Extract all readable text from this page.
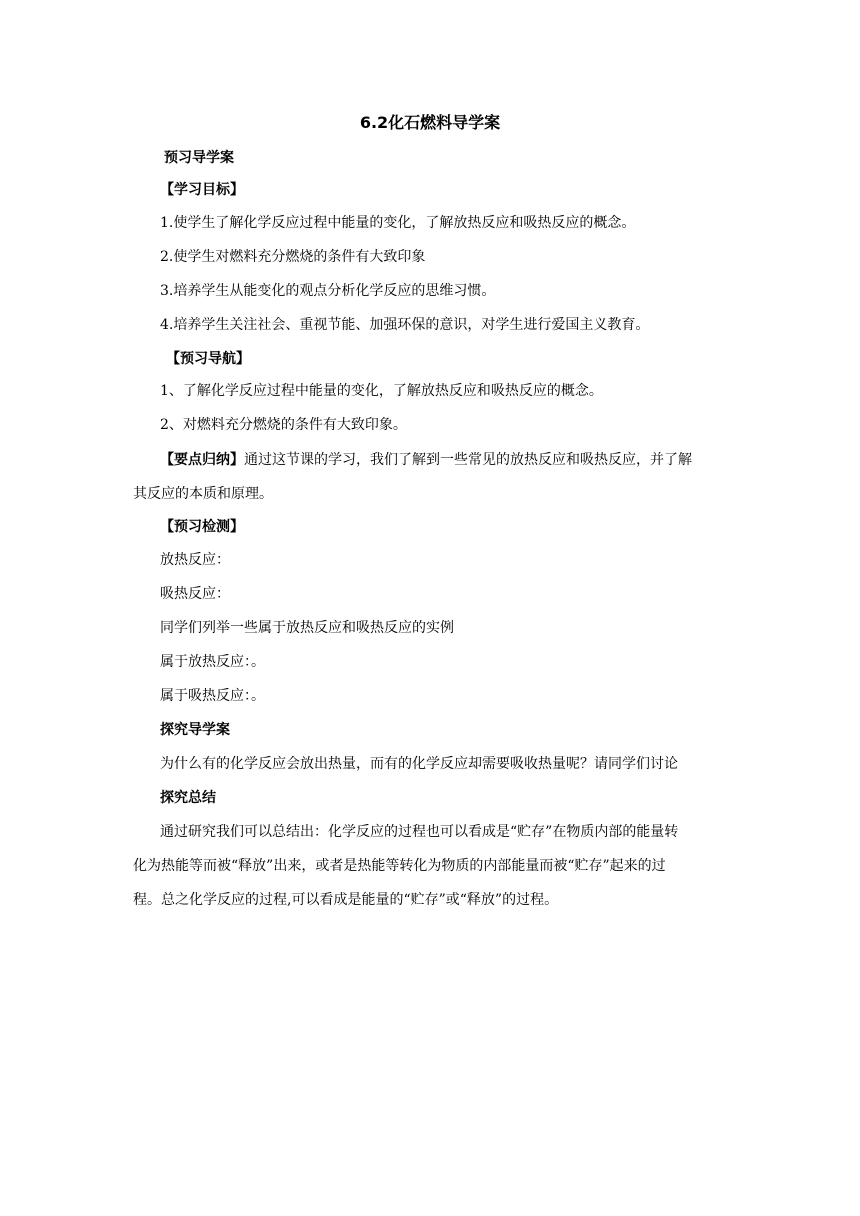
6.2化石燃料导学案
预习导学案
【学习目标】
1.使学生了解化学反应过程中能量的变化，了解放热反应和吸热反应的概念。
2.使学生对燃料充分燃烧的条件有大致印象
3.培养学生从能变化的观点分析化学反应的思维习惯。
4.培养学生关注社会、重视节能、加强环保的意识，对学生进行爱国主义教育。
【预习导航】
1、了解化学反应过程中能量的变化，了解放热反应和吸热反应的概念。
2、对燃料充分燃烧的条件有大致印象。
【要点归纳】通过这节课的学习，我们了解到一些常见的放热反应和吸热反应，并了解
其反应的本质和原理。
【预习检测】
放热反应：
吸热反应：
同学们列举一些属于放热反应和吸热反应的实例
属于放热反应：。
属于吸热反应：。
探究导学案
为什么有的化学反应会放出热量，而有的化学反应却需要吸收热量呢？请同学们讨论
探究总结
通过研究我们可以总结出：化学反应的过程也可以看成是“贮存”在物质内部的能量转
化为热能等而被“释放”出来，或者是热能等转化为物质的内部能量而被“贮存”起来的过
程。总之化学反应的过程,可以看成是能量的“贮存”或“释放”的过程。
